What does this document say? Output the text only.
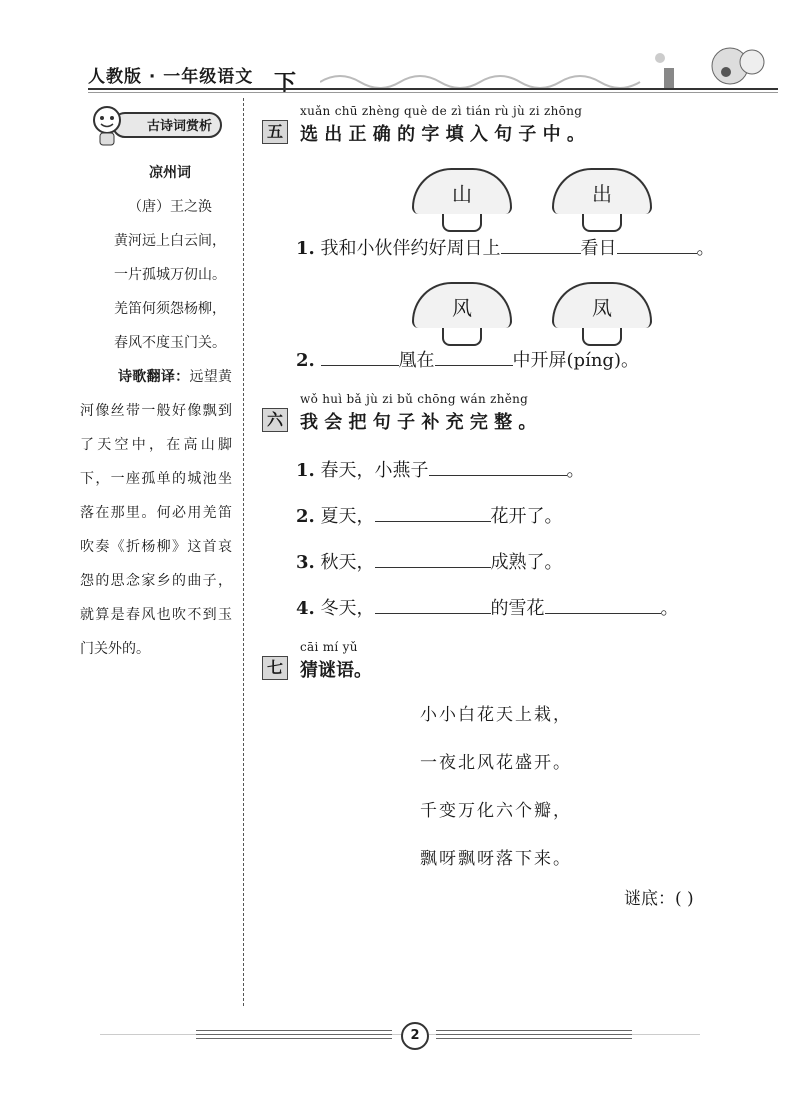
人教版 · 一年级语文 下
古诗词赏析
凉州词
（唐）王之涣
黄河远上白云间，
一片孤城万仞山。
羌笛何须怨杨柳，
春风不度玉门关。
诗歌翻译：远望黄河像丝带一般好像飘到了天空中，在高山脚下，一座孤单的城池坐落在那里。何必用羌笛吹奏《折杨柳》这首哀怨的思念家乡的曲子，就算是春风也吹不到玉门关外的。
xuǎn chū zhèng què de zì tián rù jù zi zhōng
五 选 出 正 确 的 字 填 入 句 子 中 。
山	出
1. 我和小伙伴约好周日上	看日	。
风	凤
2.	凰在	中开屏(píng)。
wǒ huì bǎ jù zi bǔ chōng wán zhěng
六 我 会 把 句 子 补 充 完 整 。
1. 春天，小燕子	。
2. 夏天，	花开了。
3. 秋天，	成熟了。
4. 冬天，	的雪花	。
cāi mí yǔ
七 猜谜语。
小小白花天上栽，
一夜北风花盛开。
千变万化六个瓣，
飘呀飘呀落下来。
谜底：( )
2
